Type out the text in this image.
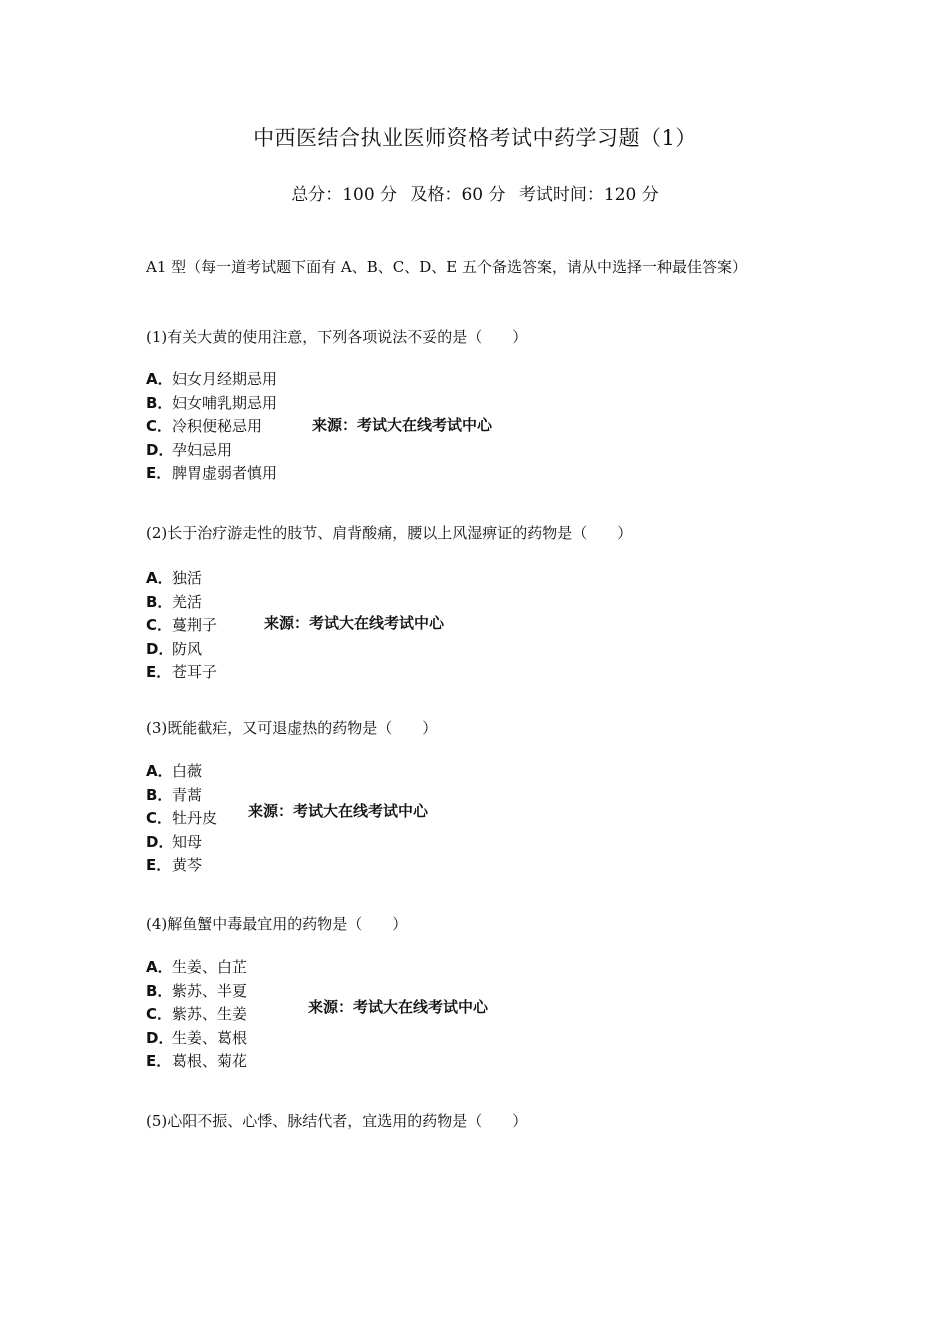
中西医结合执业医师资格考试中药学习题（1）
总分：100 分 及格：60 分 考试时间：120 分
A1 型（每一道考试题下面有 A、B、C、D、E 五个备选答案，请从中选择一种最佳答案）
(1)有关大黄的使用注意，下列各项说法不妥的是（　　）
A．妇女月经期忌用
B．妇女哺乳期忌用
C．冷积便秘忌用
D．孕妇忌用
E．脾胃虚弱者慎用
来源：考试大在线考试中心
(2)长于治疗游走性的肢节、肩背酸痛，腰以上风湿痹证的药物是（　　）
A．独活
B．羌活
C．蔓荆子
D．防风
E．苍耳子
来源：考试大在线考试中心
(3)既能截疟，又可退虚热的药物是（　　）
A．白薇
B．青蒿
C．牡丹皮
D．知母
E．黄芩
来源：考试大在线考试中心
(4)解鱼蟹中毒最宜用的药物是（　　）
A．生姜、白芷
B．紫苏、半夏
C．紫苏、生姜
D．生姜、葛根
E．葛根、菊花
来源：考试大在线考试中心
(5)心阳不振、心悸、脉结代者，宜选用的药物是（　　）
